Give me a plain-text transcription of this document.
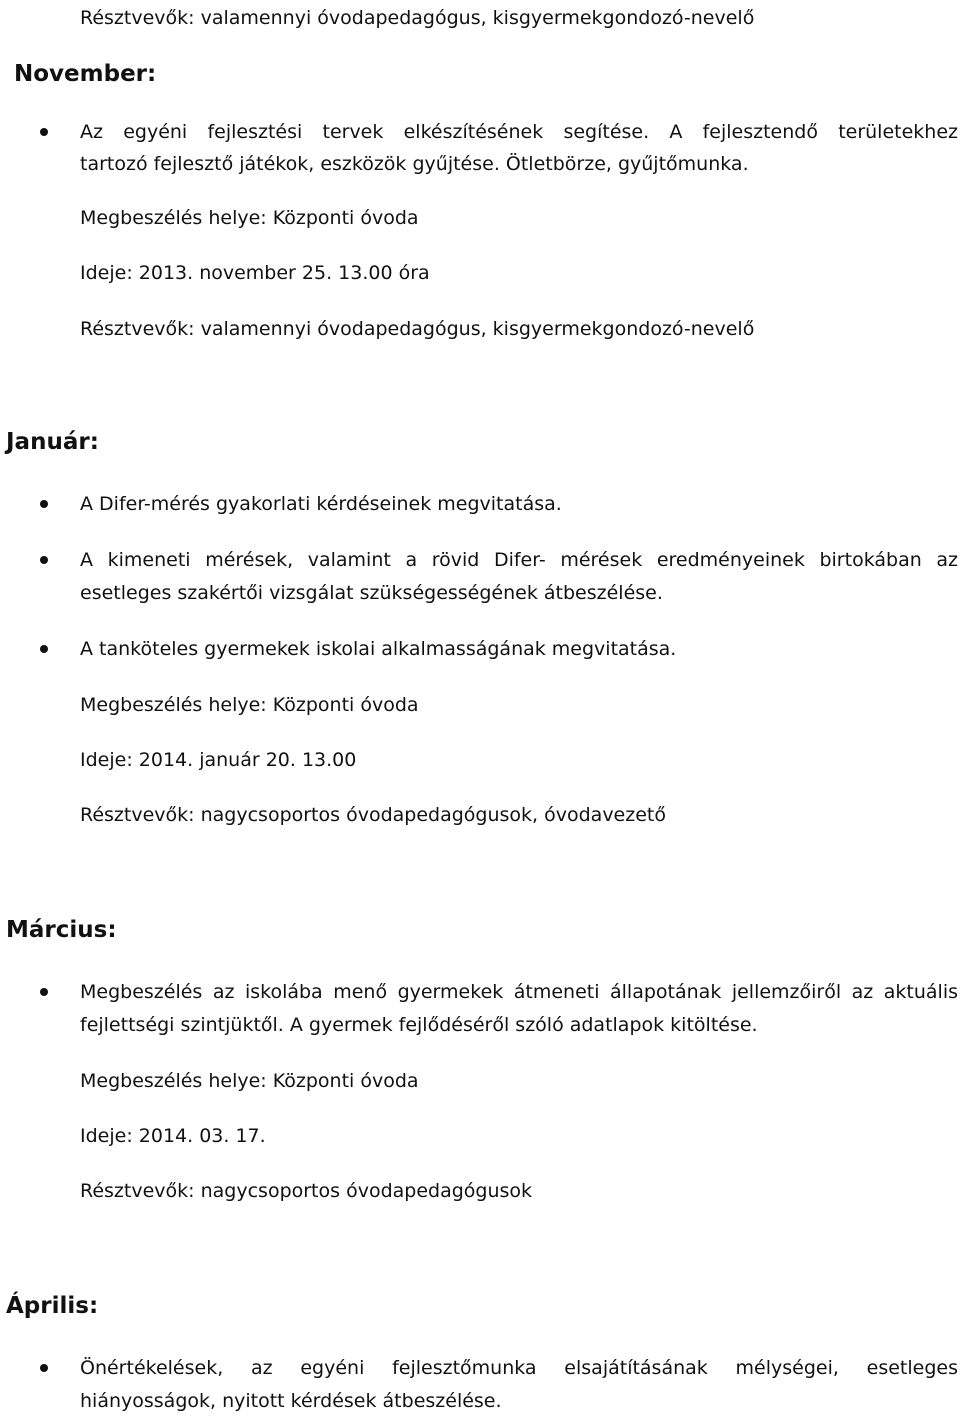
Résztvevők: valamennyi óvodapedagógus, kisgyermekgondozó-nevelő
November:
Az egyéni fejlesztési tervek elkészítésének segítése. A fejlesztendő területekhez
tartozó fejlesztő játékok, eszközök gyűjtése. Ötletbörze, gyűjtőmunka.
Megbeszélés helye: Központi óvoda
Ideje: 2013. november 25. 13.00 óra
Résztvevők: valamennyi óvodapedagógus, kisgyermekgondozó-nevelő
Január:
A Difer-mérés gyakorlati kérdéseinek megvitatása.
A kimeneti mérések, valamint a rövid Difer- mérések eredményeinek birtokában az
esetleges szakértői vizsgálat szükségességének átbeszélése.
A tanköteles gyermekek iskolai alkalmasságának megvitatása.
Megbeszélés helye: Központi óvoda
Ideje: 2014. január 20. 13.00
Résztvevők: nagycsoportos óvodapedagógusok, óvodavezető
Március:
Megbeszélés az iskolába menő gyermekek átmeneti állapotának jellemzőiről az aktuális
fejlettségi szintjüktől. A gyermek fejlődéséről szóló adatlapok kitöltése.
Megbeszélés helye: Központi óvoda
Ideje: 2014. 03. 17.
Résztvevők: nagycsoportos óvodapedagógusok
Április:
Önértékelések, az egyéni fejlesztőmunka elsajátításának mélységei, esetleges
hiányosságok, nyitott kérdések átbeszélése.
